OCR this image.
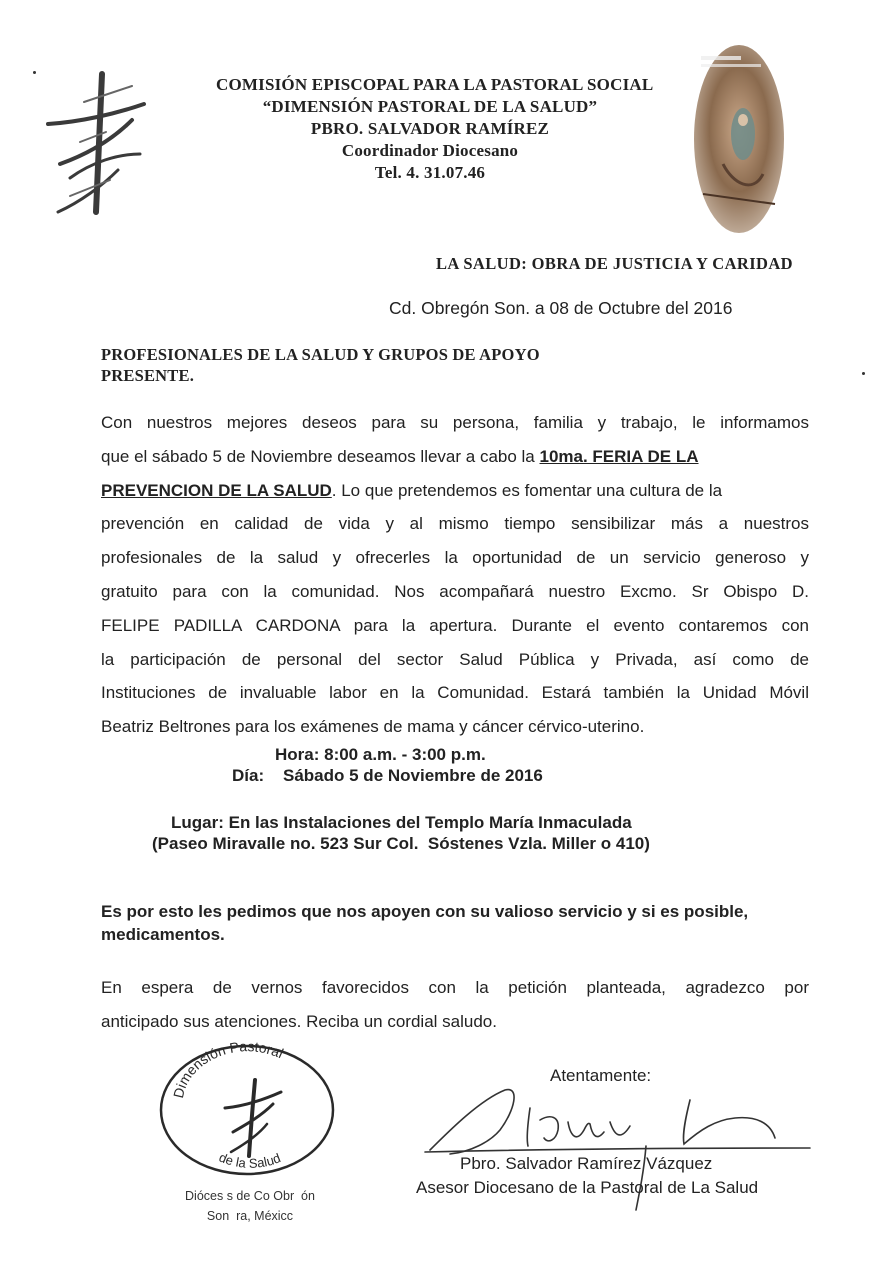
COMISIÓN EPISCOPAL PARA LA PASTORAL SOCIAL
“DIMENSIÓN PASTORAL DE LA SALUD”
PBRO. SALVADOR RAMÍREZ
Coordinador Diocesano
Tel. 4. 31.07.46
LA SALUD: OBRA DE JUSTICIA Y CARIDAD
Cd. Obregón Son. a 08 de Octubre del 2016
PROFESIONALES DE LA SALUD Y GRUPOS DE APOYO
PRESENTE.
Con nuestros mejores deseos para su persona, familia y trabajo, le informamos
que el sábado 5 de Noviembre deseamos llevar a cabo la 10ma. FERIA DE LA
PREVENCION DE LA SALUD. Lo que pretendemos es fomentar una cultura de la
prevención en calidad de vida y al mismo tiempo sensibilizar más a nuestros
profesionales de la salud y ofrecerles la oportunidad de un servicio generoso y
gratuito para con la comunidad. Nos acompañará nuestro Excmo. Sr Obispo D.
FELIPE PADILLA CARDONA para la apertura. Durante el evento contaremos con
la participación de personal del sector Salud Pública y Privada, así como de
Instituciones de invaluable labor en la Comunidad. Estará también la Unidad Móvil
Beatriz Beltrones para los exámenes de mama y cáncer cérvico-uterino.
Hora: 8:00 a.m. - 3:00 p.m.
Día:    Sábado 5 de Noviembre de 2016
Lugar: En las Instalaciones del Templo María Inmaculada
(Paseo Miravalle no. 523 Sur Col.  Sóstenes Vzla. Miller o 410)
Es por esto les pedimos que nos apoyen con su valioso servicio y si es posible, medicamentos.
En espera de vernos favorecidos con la petición planteada, agradezco por
anticipado sus atenciones. Reciba un cordial saludo.
Dimensión Pastoral
de la Salud
Dióces s de Co Obr  ón
Son  ra, Méxicc
Atentamente:
Pbro. Salvador Ramírez Vázquez
Asesor Diocesano de la Pastoral de La Salud
